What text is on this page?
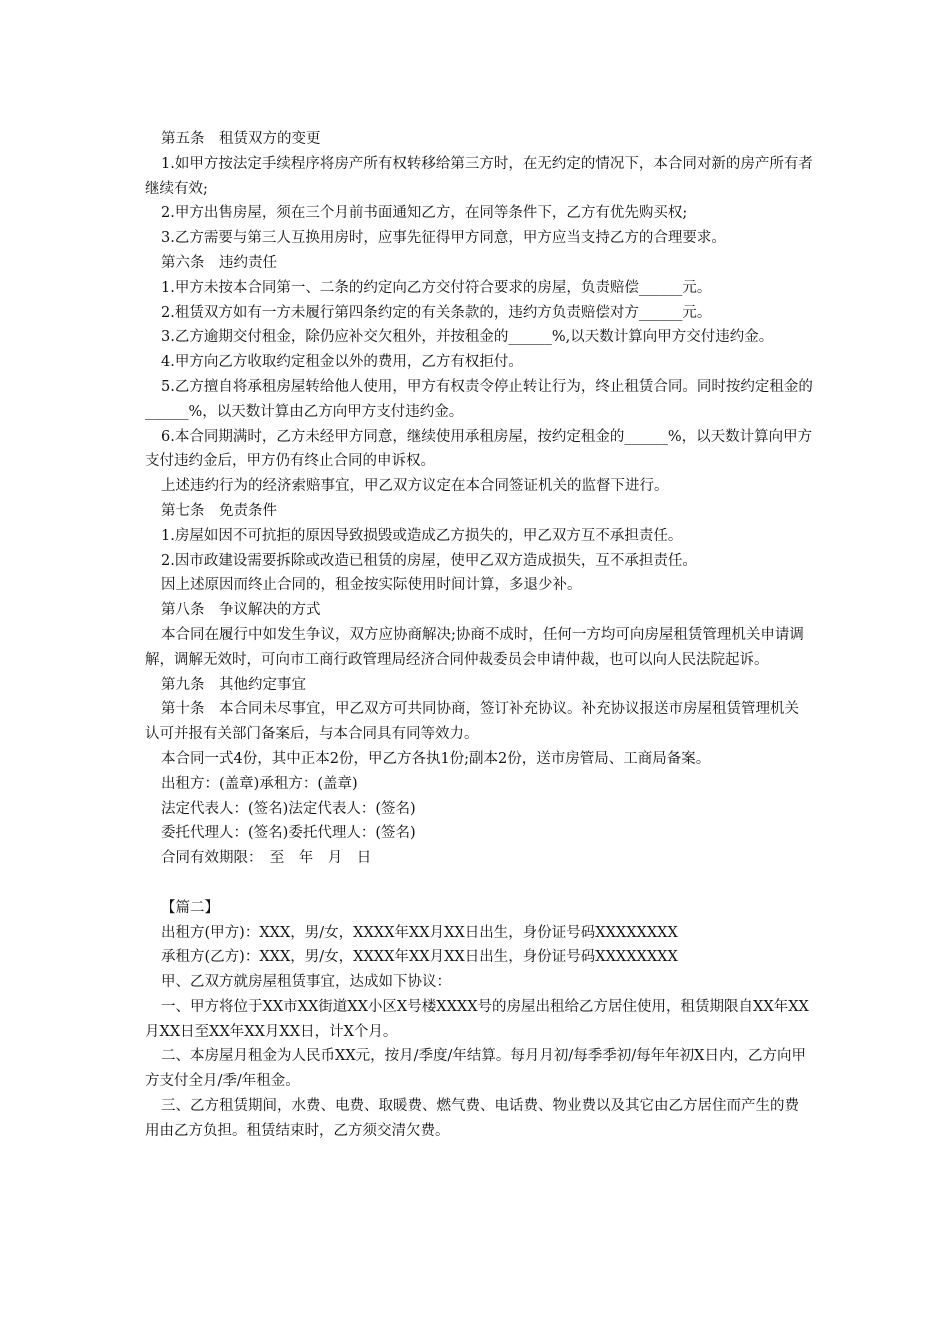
第五条　租赁双方的变更

1.如甲方按法定手续程序将房产所有权转移给第三方时，在无约定的情况下，本合同对新的房产所有者继续有效;

2.甲方出售房屋，须在三个月前书面通知乙方，在同等条件下，乙方有优先购买权;

3.乙方需要与第三人互换用房时，应事先征得甲方同意，甲方应当支持乙方的合理要求。

第六条　违约责任

1.甲方未按本合同第一、二条的约定向乙方交付符合要求的房屋，负责赔偿______元。

2.租赁双方如有一方未履行第四条约定的有关条款的，违约方负责赔偿对方______元。

3.乙方逾期交付租金，除仍应补交欠租外，并按租金的______%,以天数计算向甲方交付违约金。

4.甲方向乙方收取约定租金以外的费用，乙方有权拒付。

5.乙方擅自将承租房屋转给他人使用，甲方有权责令停止转让行为，终止租赁合同。同时按约定租金的______%，以天数计算由乙方向甲方支付违约金。

6.本合同期满时，乙方未经甲方同意，继续使用承租房屋，按约定租金的______%，以天数计算向甲方支付违约金后，甲方仍有终止合同的申诉权。

上述违约行为的经济索赔事宜，甲乙双方议定在本合同签证机关的监督下进行。

第七条　免责条件

1.房屋如因不可抗拒的原因导致损毁或造成乙方损失的，甲乙双方互不承担责任。

2.因市政建设需要拆除或改造已租赁的房屋，使甲乙双方造成损失，互不承担责任。

因上述原因而终止合同的，租金按实际使用时间计算，多退少补。

第八条　争议解决的方式

本合同在履行中如发生争议，双方应协商解决;协商不成时，任何一方均可向房屋租赁管理机关申请调解，调解无效时，可向市工商行政管理局经济合同仲裁委员会申请仲裁，也可以向人民法院起诉。

第九条　其他约定事宜

第十条　本合同未尽事宜，甲乙双方可共同协商，签订补充协议。补充协议报送市房屋租赁管理机关认可并报有关部门备案后，与本合同具有同等效力。

本合同一式4份，其中正本2份，甲乙方各执1份;副本2份，送市房管局、工商局备案。

出租方：(盖章)承租方：(盖章)

法定代表人：(签名)法定代表人：(签名)

委托代理人：(签名)委托代理人：(签名)

合同有效期限：　至　年　月　日

【篇二】

出租方(甲方)：XXX，男/女，XXXX年XX月XX日出生，身份证号码XXXXXXXX

承租方(乙方)：XXX，男/女，XXXX年XX月XX日出生，身份证号码XXXXXXXX

甲、乙双方就房屋租赁事宜，达成如下协议：

一、甲方将位于XX市XX街道XX小区X号楼XXXX号的房屋出租给乙方居住使用，租赁期限自XX年XX月XX日至XX年XX月XX日，计X个月。

二、本房屋月租金为人民币XX元，按月/季度/年结算。每月月初/每季季初/每年年初X日内，乙方向甲方支付全月/季/年租金。

三、乙方租赁期间，水费、电费、取暖费、燃气费、电话费、物业费以及其它由乙方居住而产生的费用由乙方负担。租赁结束时，乙方须交清欠费。
